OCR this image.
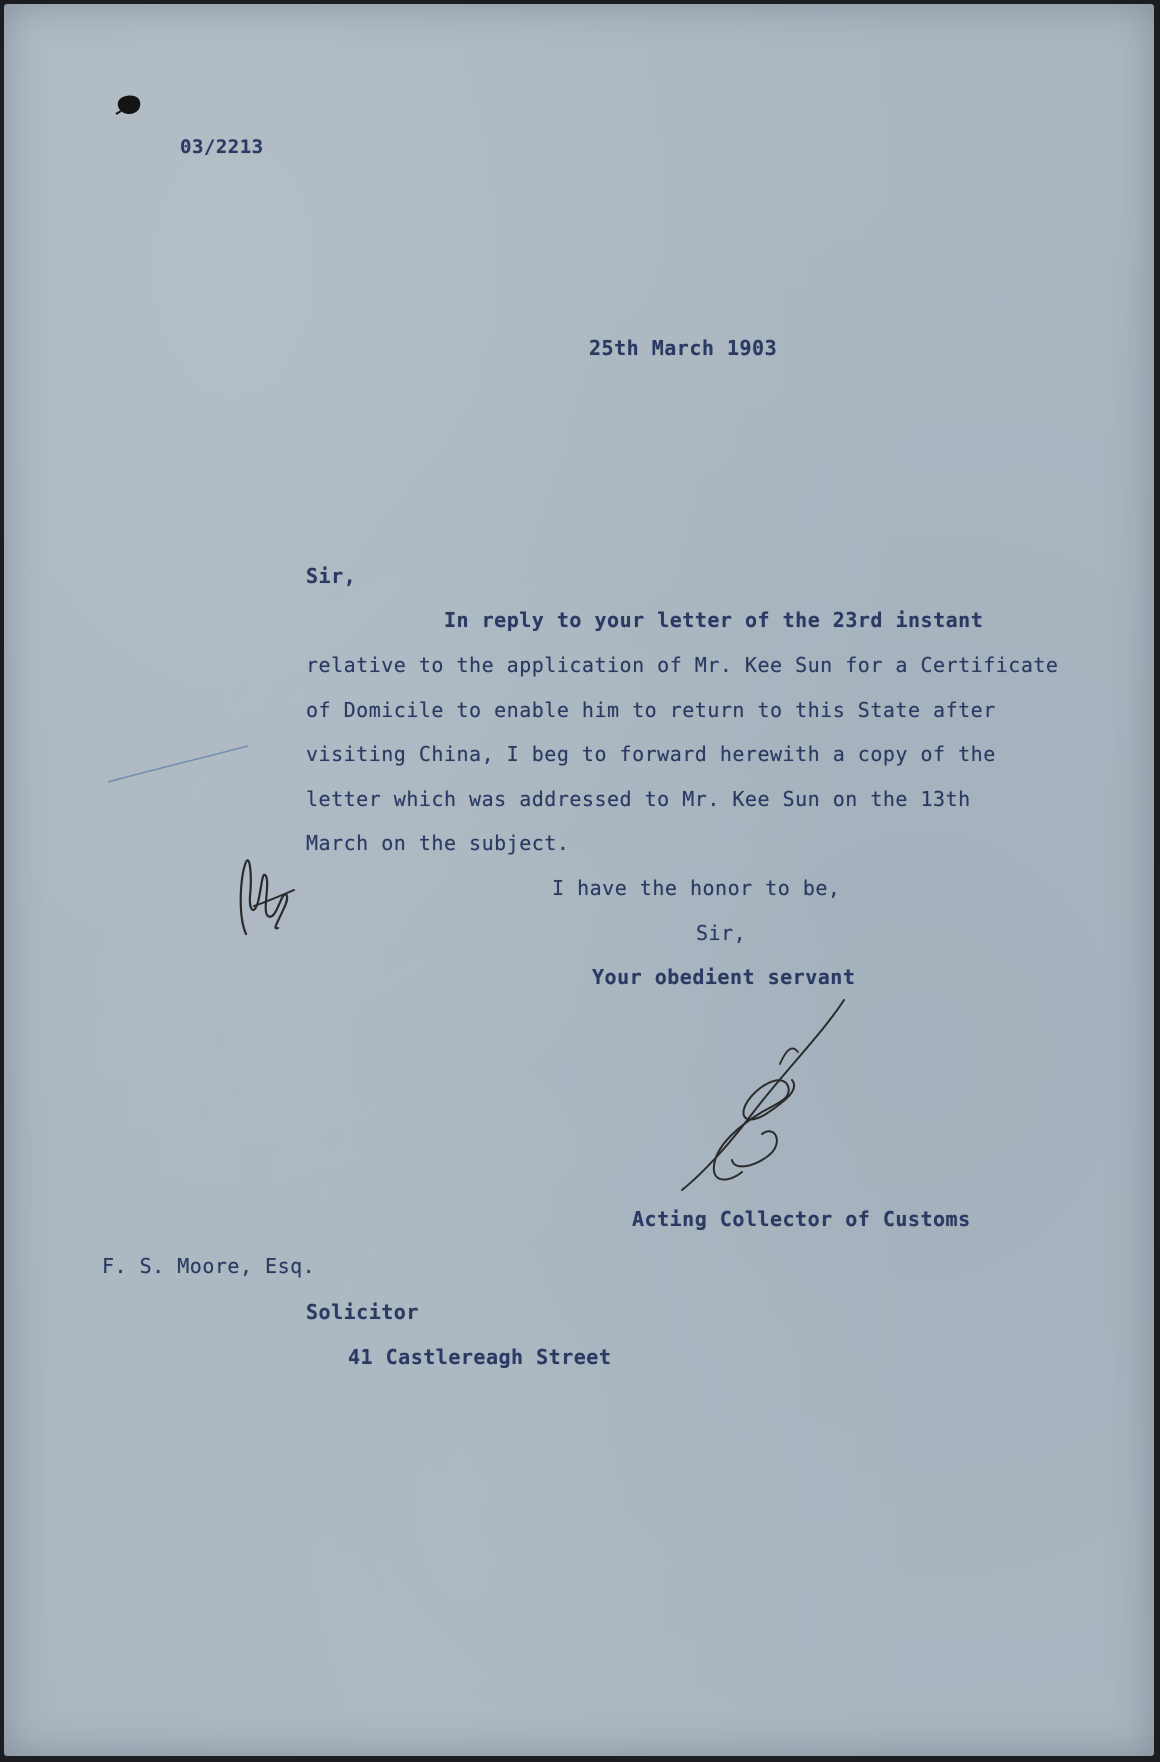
03/2213
25th March 1903
Sir,
In reply to your letter of the 23rd instant
relative to the application of Mr. Kee Sun for a Certificate
of Domicile to enable him to return to this State after
visiting China, I beg to forward herewith a copy of the
letter which was addressed to Mr. Kee Sun on the 13th
March on the subject.
I have the honor to be,
Sir,
Your obedient servant
Acting Collector of Customs
F. S. Moore, Esq.
Solicitor
41 Castlereagh Street
